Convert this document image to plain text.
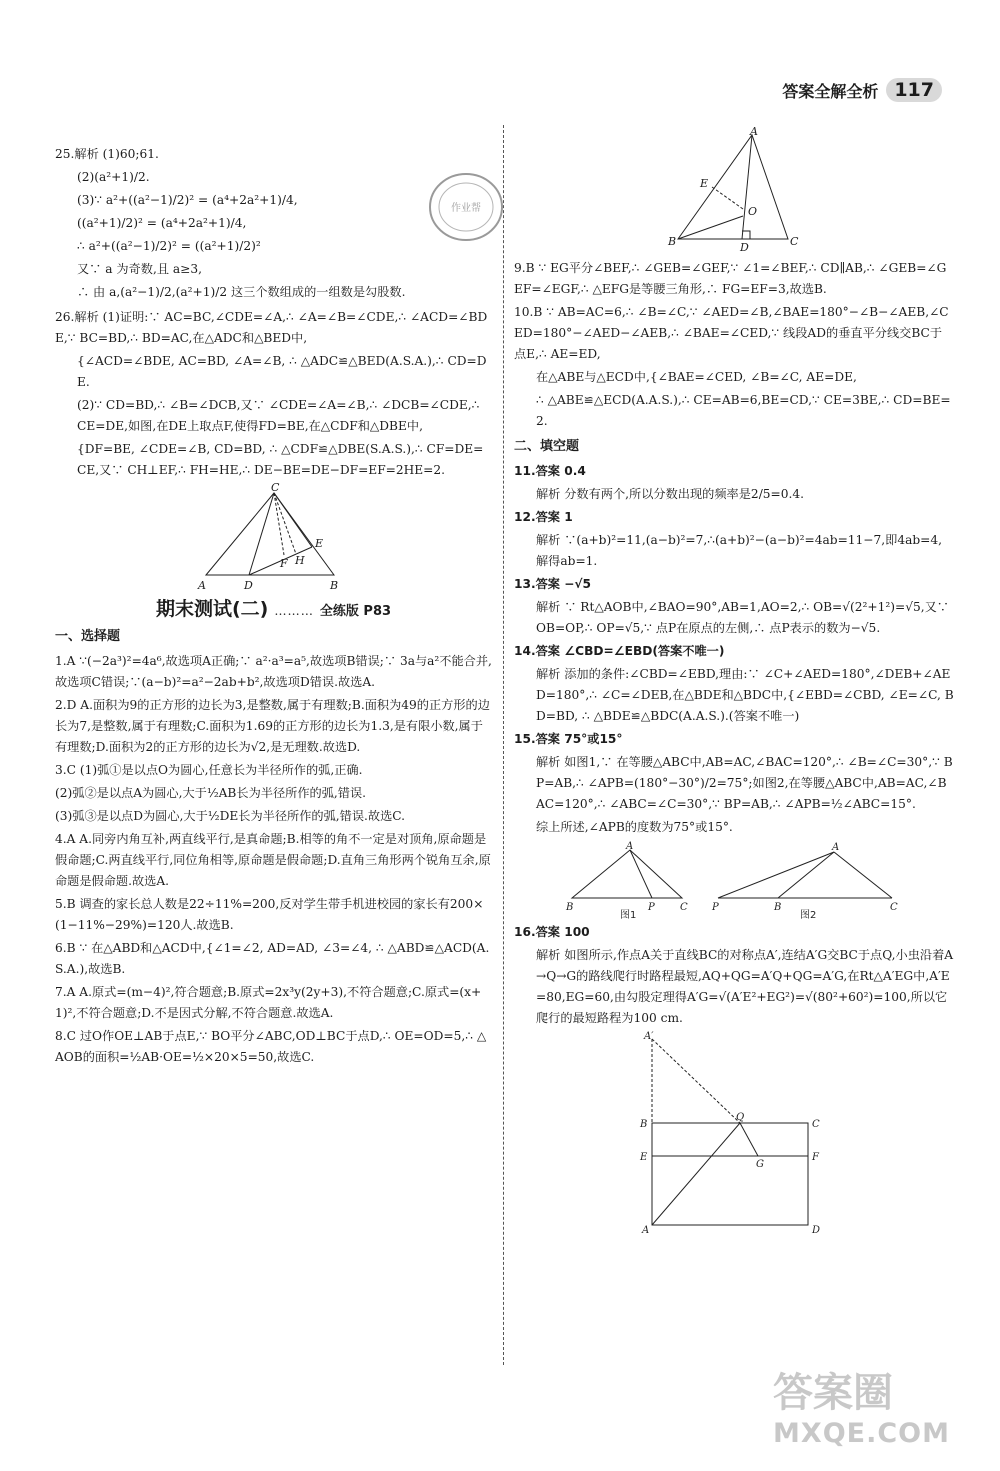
答案全解全析 117
作业帮

25.解析 (1)60;61.

(2)(a²+1)/2.

(3)∵ a²+((a²−1)/2)² = (a⁴+2a²+1)/4,

((a²+1)/2)² = (a⁴+2a²+1)/4,

∴ a²+((a²−1)/2)² = ((a²+1)/2)²

又∵ a 为奇数,且 a≥3,

∴ 由 a,(a²−1)/2,(a²+1)/2 这三个数组成的一组数是勾股数.

26.解析 (1)证明:∵ AC=BC,∠CDE=∠A,∴ ∠A=∠B=∠CDE,∴ ∠ACD=∠BDE,∵ BC=BD,∴ BD=AC,在△ADC和△BED中,

{∠ACD=∠BDE, AC=BD, ∠A=∠B, ∴ △ADC≌△BED(A.S.A.),∴ CD=DE.

(2)∵ CD=BD,∴ ∠B=∠DCB,又∵ ∠CDE=∠A=∠B,∴ ∠DCB=∠CDE,∴ CE=DE,如图,在DE上取点F,使得FD=BE,在△CDF和△DBE中,

{DF=BE, ∠CDE=∠B, CD=BD, ∴ △CDF≌△DBE(S.A.S.),∴ CF=DE=CE,又∵ CH⊥EF,∴ FH=HE,∴ DE−BE=DE−DF=EF=2HE=2.

C
E
H
F
A	D	B
期末测试(二) ……… 全练版 P83
一、选择题

1.A ∵(−2a³)²=4a⁶,故选项A正确;∵ a²·a³=a⁵,故选项B错误;∵ 3a与a²不能合并,故选项C错误;∵(a−b)²=a²−2ab+b²,故选项D错误.故选A.

2.D A.面积为9的正方形的边长为3,是整数,属于有理数;B.面积为49的正方形的边长为7,是整数,属于有理数;C.面积为1.69的正方形的边长为1.3,是有限小数,属于有理数;D.面积为2的正方形的边长为√2,是无理数.故选D.

3.C (1)弧①是以点O为圆心,任意长为半径所作的弧,正确.

(2)弧②是以点A为圆心,大于½AB长为半径所作的弧,错误.

(3)弧③是以点D为圆心,大于½DE长为半径所作的弧,错误.故选C.

4.A A.同旁内角互补,两直线平行,是真命题;B.相等的角不一定是对顶角,原命题是假命题;C.两直线平行,同位角相等,原命题是假命题;D.直角三角形两个锐角互余,原命题是假命题.故选A.

5.B 调查的家长总人数是22÷11%=200,反对学生带手机进校园的家长有200×(1−11%−29%)=120人.故选B.

6.B ∵ 在△ABD和△ACD中,{∠1=∠2, AD=AD, ∠3=∠4, ∴ △ABD≌△ACD(A.S.A.),故选B.

7.A A.原式=(m−4)²,符合题意;B.原式=2x³y(2y+3),不符合题意;C.原式=(x+1)²,不符合题意;D.不是因式分解,不符合题意.故选A.

8.C 过O作OE⊥AB于点E,∵ BO平分∠ABC,OD⊥BC于点D,∴ OE=OD=5,∴ △AOB的面积=½AB·OE=½×20×5=50,故选C.

A
E
O
B	D	C

9.B ∵ EG平分∠BEF,∴ ∠GEB=∠GEF,∵ ∠1=∠BEF,∴ CD∥AB,∴ ∠GEB=∠GEF=∠EGF,∴ △EFG是等腰三角形,∴ FG=EF=3,故选B.

10.B ∵ AB=AC=6,∴ ∠B=∠C,∵ ∠AED=∠B,∠BAE=180°−∠B−∠AEB,∠CED=180°−∠AED−∠AEB,∴ ∠BAE=∠CED,∵ 线段AD的垂直平分线交BC于点E,∴ AE=ED,

在△ABE与△ECD中,{∠BAE=∠CED, ∠B=∠C, AE=DE,

∴ △ABE≌△ECD(A.A.S.),∴ CE=AB=6,BE=CD,∵ CE=3BE,∴ CD=BE=2.

二、填空题

11.答案 0.4

解析 分数有两个,所以分数出现的频率是2/5=0.4.

12.答案 1

解析 ∵(a+b)²=11,(a−b)²=7,∴(a+b)²−(a−b)²=4ab=11−7,即4ab=4,解得ab=1.

13.答案 −√5

解析 ∵ Rt△AOB中,∠BAO=90°,AB=1,AO=2,∴ OB=√(2²+1²)=√5,又∵ OB=OP,∴ OP=√5,∵ 点P在原点的左侧,∴ 点P表示的数为−√5.

14.答案 ∠CBD=∠EBD(答案不唯一)

解析 添加的条件:∠CBD=∠EBD,理由:∵ ∠C+∠AED=180°,∠DEB+∠AED=180°,∴ ∠C=∠DEB,在△BDE和△BDC中,{∠EBD=∠CBD, ∠E=∠C, BD=BD, ∴ △BDE≌△BDC(A.A.S.).(答案不唯一)

15.答案 75°或15°

解析 如图1,∵ 在等腰△ABC中,AB=AC,∠BAC=120°,∴ ∠B=∠C=30°,∵ BP=AB,∴ ∠APB=(180°−30°)/2=75°;如图2,在等腰△ABC中,AB=AC,∠BAC=120°,∴ ∠ABC=∠C=30°,∵ BP=AB,∴ ∠APB=½∠ABC=15°.

综上所述,∠APB的度数为75°或15°.

A
B	P	C
A
P	B	C
图1	图2

16.答案 100

解析 如图所示,作点A关于直线BC的对称点A′,连结A′G交BC于点Q,小虫沿着A→Q→G的路线爬行时路程最短,AQ+QG=A′Q+QG=A′G,在Rt△A′EG中,A′E=80,EG=60,由勾股定理得A′G=√(A′E²+EG²)=√(80²+60²)=100,所以它爬行的最短路程为100 cm.

A′
B
Q
C
E
G
F
A	D
答案圈
MXQE.COM
